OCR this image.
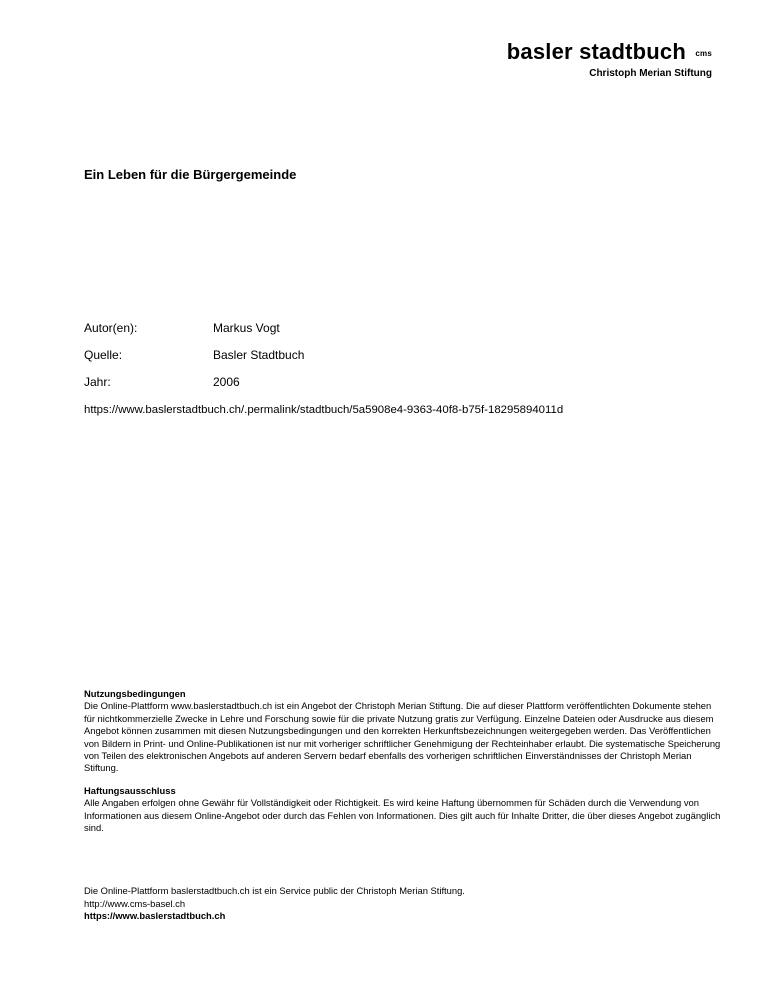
basler stadtbuch cms
Christoph Merian Stiftung
Ein Leben für die Bürgergemeinde
Autor(en):	Markus Vogt
Quelle:	Basler Stadtbuch
Jahr:	2006
https://www.baslerstadtbuch.ch/.permalink/stadtbuch/5a5908e4-9363-40f8-b75f-18295894011d
Nutzungsbedingungen

Die Online-Plattform www.baslerstadtbuch.ch ist ein Angebot der Christoph Merian Stiftung. Die auf dieser Plattform veröffentlichten Dokumente stehen für nichtkommerzielle Zwecke in Lehre und Forschung sowie für die private Nutzung gratis zur Verfügung. Einzelne Dateien oder Ausdrucke aus diesem Angebot können zusammen mit diesen Nutzungsbedingungen und den korrekten Herkunftsbezeichnungen weitergegeben werden. Das Veröffentlichen von Bildern in Print- und Online-Publikationen ist nur mit vorheriger schriftlicher Genehmigung der Rechteinhaber erlaubt. Die systematische Speicherung von Teilen des elektronischen Angebots auf anderen Servern bedarf ebenfalls des vorherigen schriftlichen Einverständnisses der Christoph Merian Stiftung.

Haftungsausschluss

Alle Angaben erfolgen ohne Gewähr für Vollständigkeit oder Richtigkeit. Es wird keine Haftung übernommen für Schäden durch die Verwendung von Informationen aus diesem Online-Angebot oder durch das Fehlen von Informationen. Dies gilt auch für Inhalte Dritter, die über dieses Angebot zugänglich sind.

Die Online-Plattform baslerstadtbuch.ch ist ein Service public der Christoph Merian Stiftung.
http://www.cms-basel.ch
https://www.baslerstadtbuch.ch
